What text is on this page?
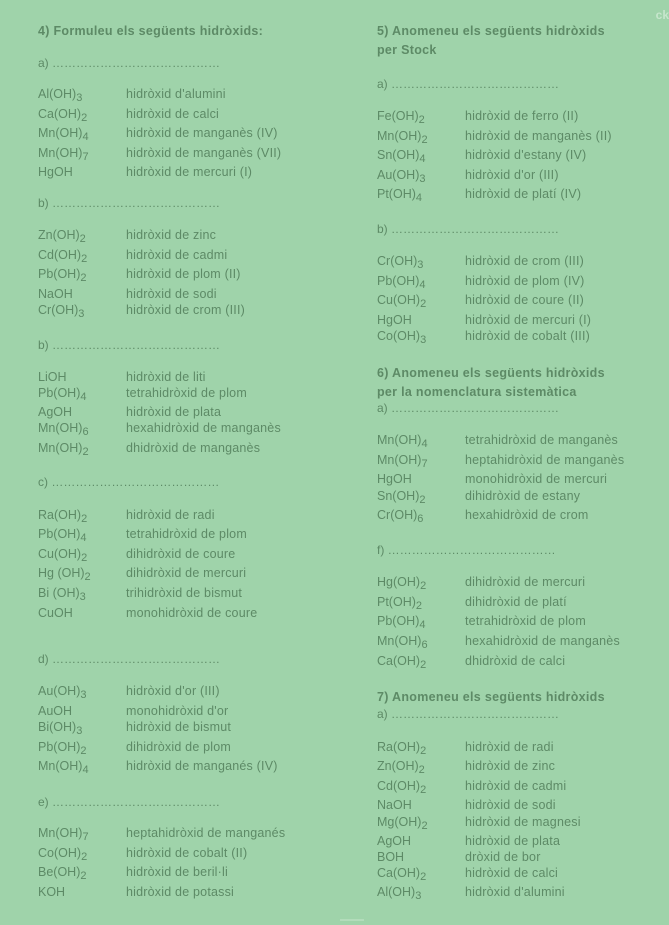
ck
4) Formuleu els següents hidròxids:
a) ……………………………………
$Al(OH)_3$	hidròxid d'alumini
$Ca(OH)_2$	hidròxid de calci
$Mn(OH)_4$	hidròxid de manganès (IV)
$Mn(OH)_7$	hidròxid de manganès (VII)
HgOH	hidròxid de mercuri (I)
b) ……………………………………
$Zn(OH)_2$	hidròxid de zinc
$Cd(OH)_2$	hidròxid de cadmi
$Pb(OH)_2$	hidròxid de plom (II)
NaOH	hidròxid de sodi
$Cr(OH)_3$	hidròxid de crom (III)
b) ……………………………………
LiOH	hidròxid de liti
$Pb(OH)_4$	tetrahidròxid de plom
AgOH	hidròxid de plata
$Mn(OH)_6$	hexahidròxid de manganès
$Mn(OH)_2$	dhidròxid de manganès
c) ……………………………………
$Ra(OH)_2$	hidròxid de radi
$Pb(OH)_4$	tetrahidròxid de plom
$Cu(OH)_2$	dihidròxid de coure
Hg $(OH)_2$	dihidròxid de mercuri
Bi $(OH)_3$	trihidròxid de bismut
CuOH	monohidròxid de coure
d) ……………………………………
$Au(OH)_3$	hidròxid d'or (III)
AuOH	monohidròxid d'or
$Bi(OH)_3$	hidròxid de bismut
$Pb(OH)_2$	dihidròxid de plom
$Mn(OH)_4$	hidròxid de manganés (IV)
e) ……………………………………
$Mn(OH)_7$	heptahidròxid de manganés
$Co(OH)_2$	hidròxid de cobalt (II)
$Be(OH)_2$	hidròxid de beril·li
KOH	hidròxid de potassi
5) Anomeneu els següents hidròxids
per Stock
a) ……………………………………
$Fe(OH)_2$	hidròxid de ferro (II)
$Mn(OH)_2$	hidròxid de manganès (II)
$Sn(OH)_4$	hidròxid d'estany (IV)
$Au(OH)_3$	hidròxid d'or (III)
$Pt(OH)_4$	hidròxid de platí (IV)
b) ……………………………………
$Cr(OH)_3$	hidròxid de crom (III)
$Pb(OH)_4$	hidròxid de plom (IV)
$Cu(OH)_2$	hidròxid de coure (II)
HgOH	hidròxid de mercuri (I)
$Co(OH)_3$	hidròxid de cobalt (III)
6) Anomeneu els següents hidròxids
per la nomenclatura sistemàtica
a) ……………………………………
$Mn(OH)_4$	tetrahidròxid de manganès
$Mn(OH)_7$	heptahidròxid de manganès
HgOH	monohidròxid de mercuri
$Sn(OH)_2$	dihidròxid de estany
$Cr(OH)_6$	hexahidròxid de crom
f) ……………………………………
$Hg(OH)_2$	dihidròxid de mercuri
$Pt(OH)_2$	dihidròxid de platí
$Pb(OH)_4$	tetrahidròxid de plom
$Mn(OH)_6$	hexahidròxid de manganès
$Ca(OH)_2$	dhidròxid de calci
7) Anomeneu els següents hidròxids
a) ……………………………………
$Ra(OH)_2$	hidròxid de radi
$Zn(OH)_2$	hidròxid de zinc
$Cd(OH)_2$	hidròxid de cadmi
NaOH	hidròxid de sodi
$Mg(OH)_2$	hidròxid de magnesi
AgOH	hidròxid de plata
BOH	dròxid de bor
$Ca(OH)_2$	hidròxid de calci
$Al(OH)_3$	hidròxid d'alumini
